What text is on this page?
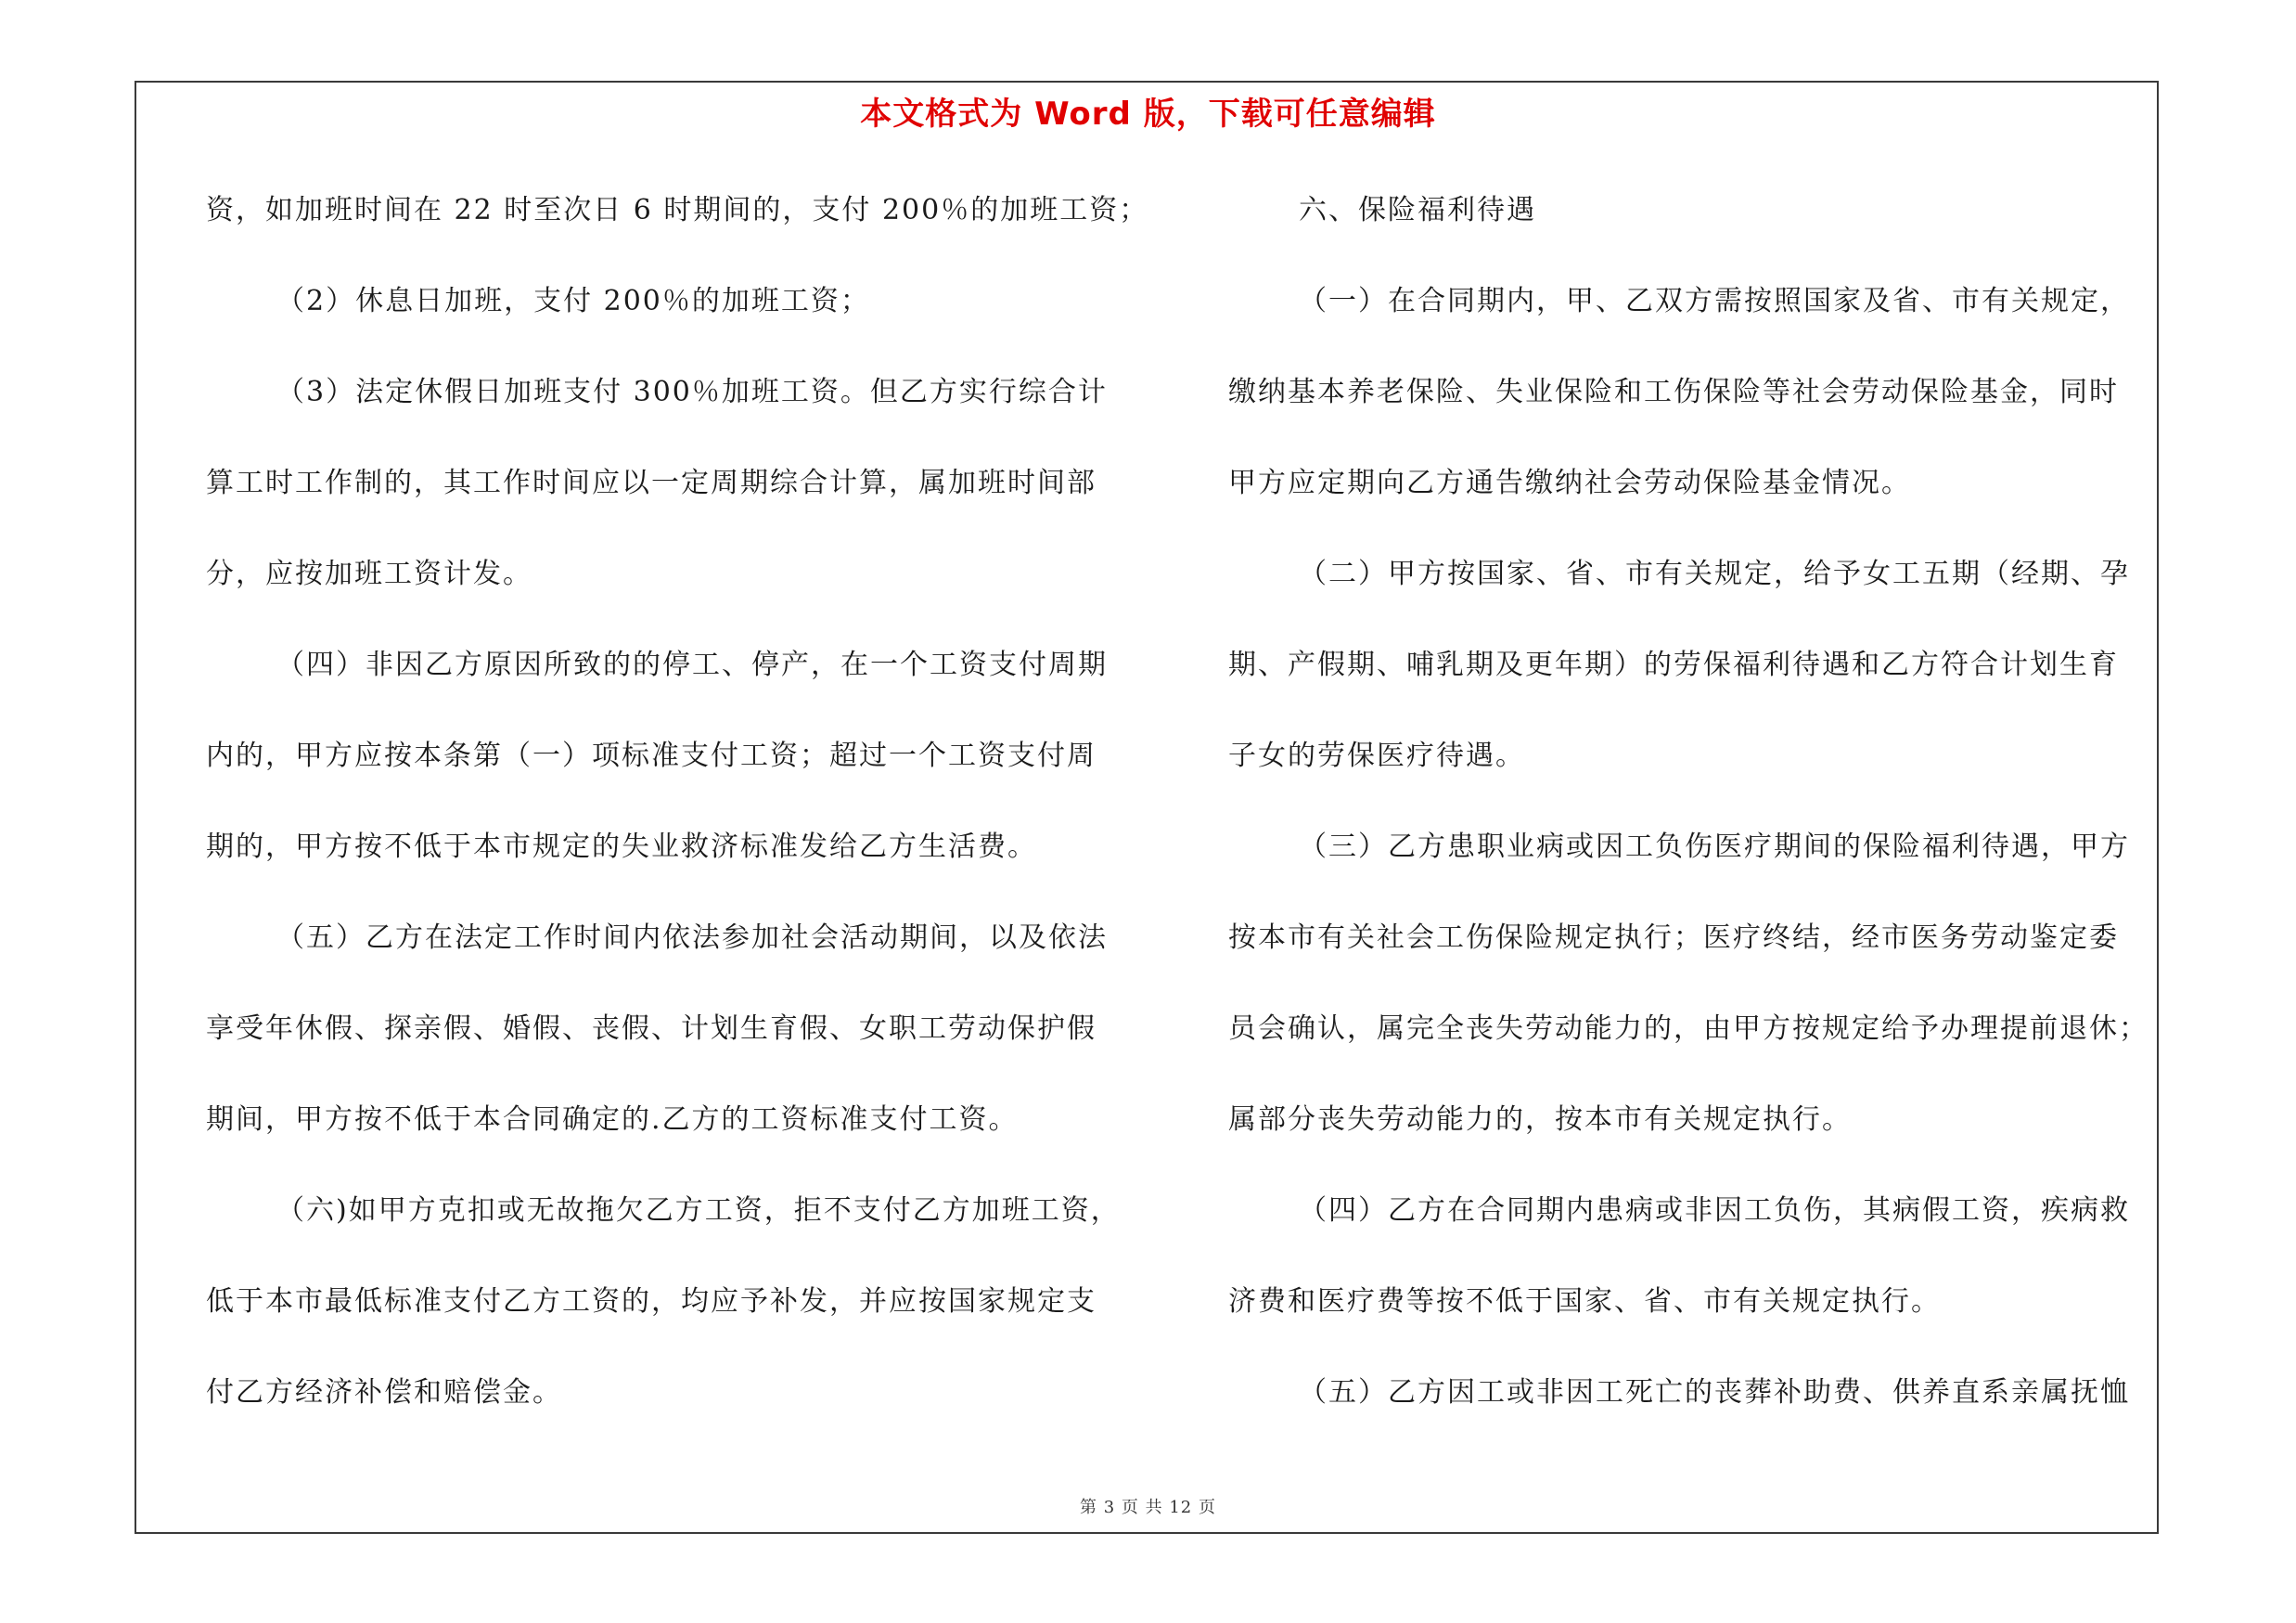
本文格式为 Word 版，下载可任意编辑
资，如加班时间在 22 时至次日 6 时期间的，支付 200％的加班工资；
（2）休息日加班，支付 200％的加班工资；
（3）法定休假日加班支付 300％加班工资。但乙方实行综合计
算工时工作制的，其工作时间应以一定周期综合计算，属加班时间部
分，应按加班工资计发。
（四）非因乙方原因所致的的停工、停产，在一个工资支付周期
内的，甲方应按本条第（一）项标准支付工资；超过一个工资支付周
期的，甲方按不低于本市规定的失业救济标准发给乙方生活费。
（五）乙方在法定工作时间内依法参加社会活动期间，以及依法
享受年休假、探亲假、婚假、丧假、计划生育假、女职工劳动保护假
期间，甲方按不低于本合同确定的.乙方的工资标准支付工资。
（六)如甲方克扣或无故拖欠乙方工资，拒不支付乙方加班工资，
低于本市最低标准支付乙方工资的，均应予补发，并应按国家规定支
付乙方经济补偿和赔偿金。
六、保险福利待遇
（一）在合同期内，甲、乙双方需按照国家及省、市有关规定，
缴纳基本养老保险、失业保险和工伤保险等社会劳动保险基金，同时
甲方应定期向乙方通告缴纳社会劳动保险基金情况。
（二）甲方按国家、省、市有关规定，给予女工五期（经期、孕
期、产假期、哺乳期及更年期）的劳保福利待遇和乙方符合计划生育
子女的劳保医疗待遇。
（三）乙方患职业病或因工负伤医疗期间的保险福利待遇，甲方
按本市有关社会工伤保险规定执行；医疗终结，经市医务劳动鉴定委
员会确认，属完全丧失劳动能力的，由甲方按规定给予办理提前退休；
属部分丧失劳动能力的，按本市有关规定执行。
（四）乙方在合同期内患病或非因工负伤，其病假工资，疾病救
济费和医疗费等按不低于国家、省、市有关规定执行。
（五）乙方因工或非因工死亡的丧葬补助费、供养直系亲属抚恤
第 3 页 共 12 页
